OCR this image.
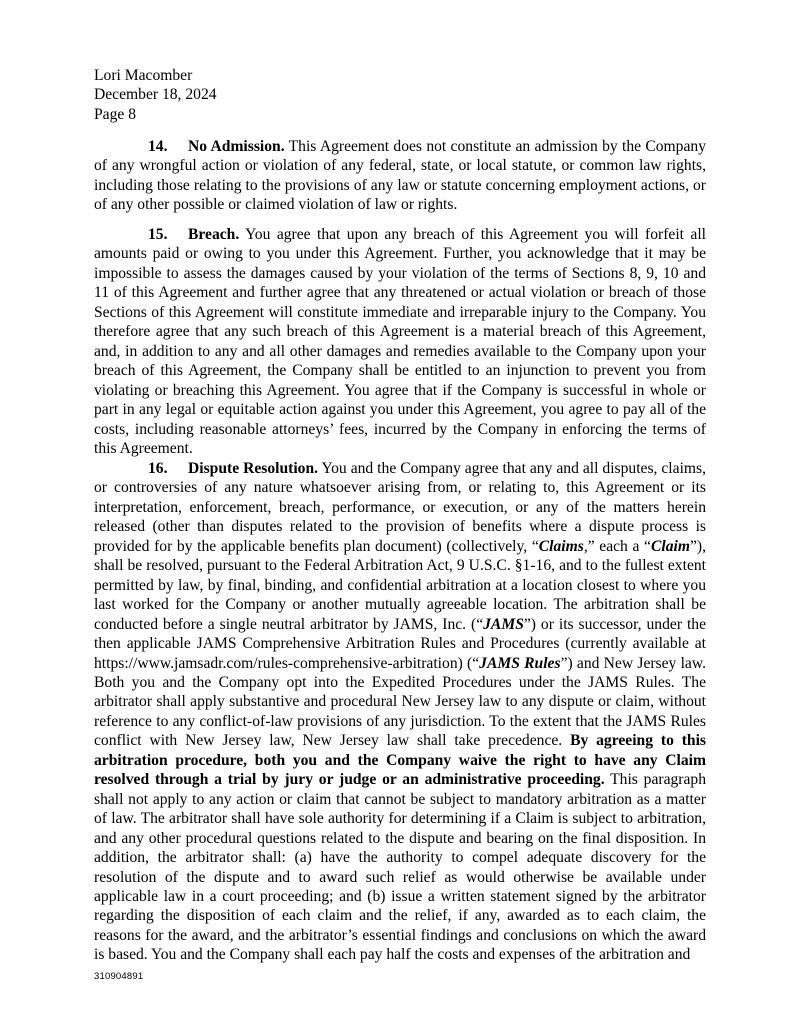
Lori Macomber
December 18, 2024
Page 8

14. No Admission. This Agreement does not constitute an admission by the Company of any wrongful action or violation of any federal, state, or local statute, or common law rights, including those relating to the provisions of any law or statute concerning employment actions, or of any other possible or claimed violation of law or rights.

15. Breach. You agree that upon any breach of this Agreement you will forfeit all amounts paid or owing to you under this Agreement. Further, you acknowledge that it may be impossible to assess the damages caused by your violation of the terms of Sections 8, 9, 10 and 11 of this Agreement and further agree that any threatened or actual violation or breach of those Sections of this Agreement will constitute immediate and irreparable injury to the Company. You therefore agree that any such breach of this Agreement is a material breach of this Agreement, and, in addition to any and all other damages and remedies available to the Company upon your breach of this Agreement, the Company shall be entitled to an injunction to prevent you from violating or breaching this Agreement. You agree that if the Company is successful in whole or part in any legal or equitable action against you under this Agreement, you agree to pay all of the costs, including reasonable attorneys’ fees, incurred by the Company in enforcing the terms of this Agreement.

16. Dispute Resolution. You and the Company agree that any and all disputes, claims, or controversies of any nature whatsoever arising from, or relating to, this Agreement or its interpretation, enforcement, breach, performance, or execution, or any of the matters herein released (other than disputes related to the provision of benefits where a dispute process is provided for by the applicable benefits plan document) (collectively, “Claims,” each a “Claim”), shall be resolved, pursuant to the Federal Arbitration Act, 9 U.S.C. §1-16, and to the fullest extent permitted by law, by final, binding, and confidential arbitration at a location closest to where you last worked for the Company or another mutually agreeable location. The arbitration shall be conducted before a single neutral arbitrator by JAMS, Inc. (“JAMS”) or its successor, under the then applicable JAMS Comprehensive Arbitration Rules and Procedures (currently available at https://www.jamsadr.com/rules-comprehensive-arbitration) (“JAMS Rules”) and New Jersey law. Both you and the Company opt into the Expedited Procedures under the JAMS Rules. The arbitrator shall apply substantive and procedural New Jersey law to any dispute or claim, without reference to any conflict-of-law provisions of any jurisdiction. To the extent that the JAMS Rules conflict with New Jersey law, New Jersey law shall take precedence. By agreeing to this arbitration procedure, both you and the Company waive the right to have any Claim resolved through a trial by jury or judge or an administrative proceeding. This paragraph shall not apply to any action or claim that cannot be subject to mandatory arbitration as a matter of law. The arbitrator shall have sole authority for determining if a Claim is subject to arbitration, and any other procedural questions related to the dispute and bearing on the final disposition. In addition, the arbitrator shall: (a) have the authority to compel adequate discovery for the resolution of the dispute and to award such relief as would otherwise be available under applicable law in a court proceeding; and (b) issue a written statement signed by the arbitrator regarding the disposition of each claim and the relief, if any, awarded as to each claim, the reasons for the award, and the arbitrator’s essential findings and conclusions on which the award is based. You and the Company shall each pay half the costs and expenses of the arbitration and

310904891
